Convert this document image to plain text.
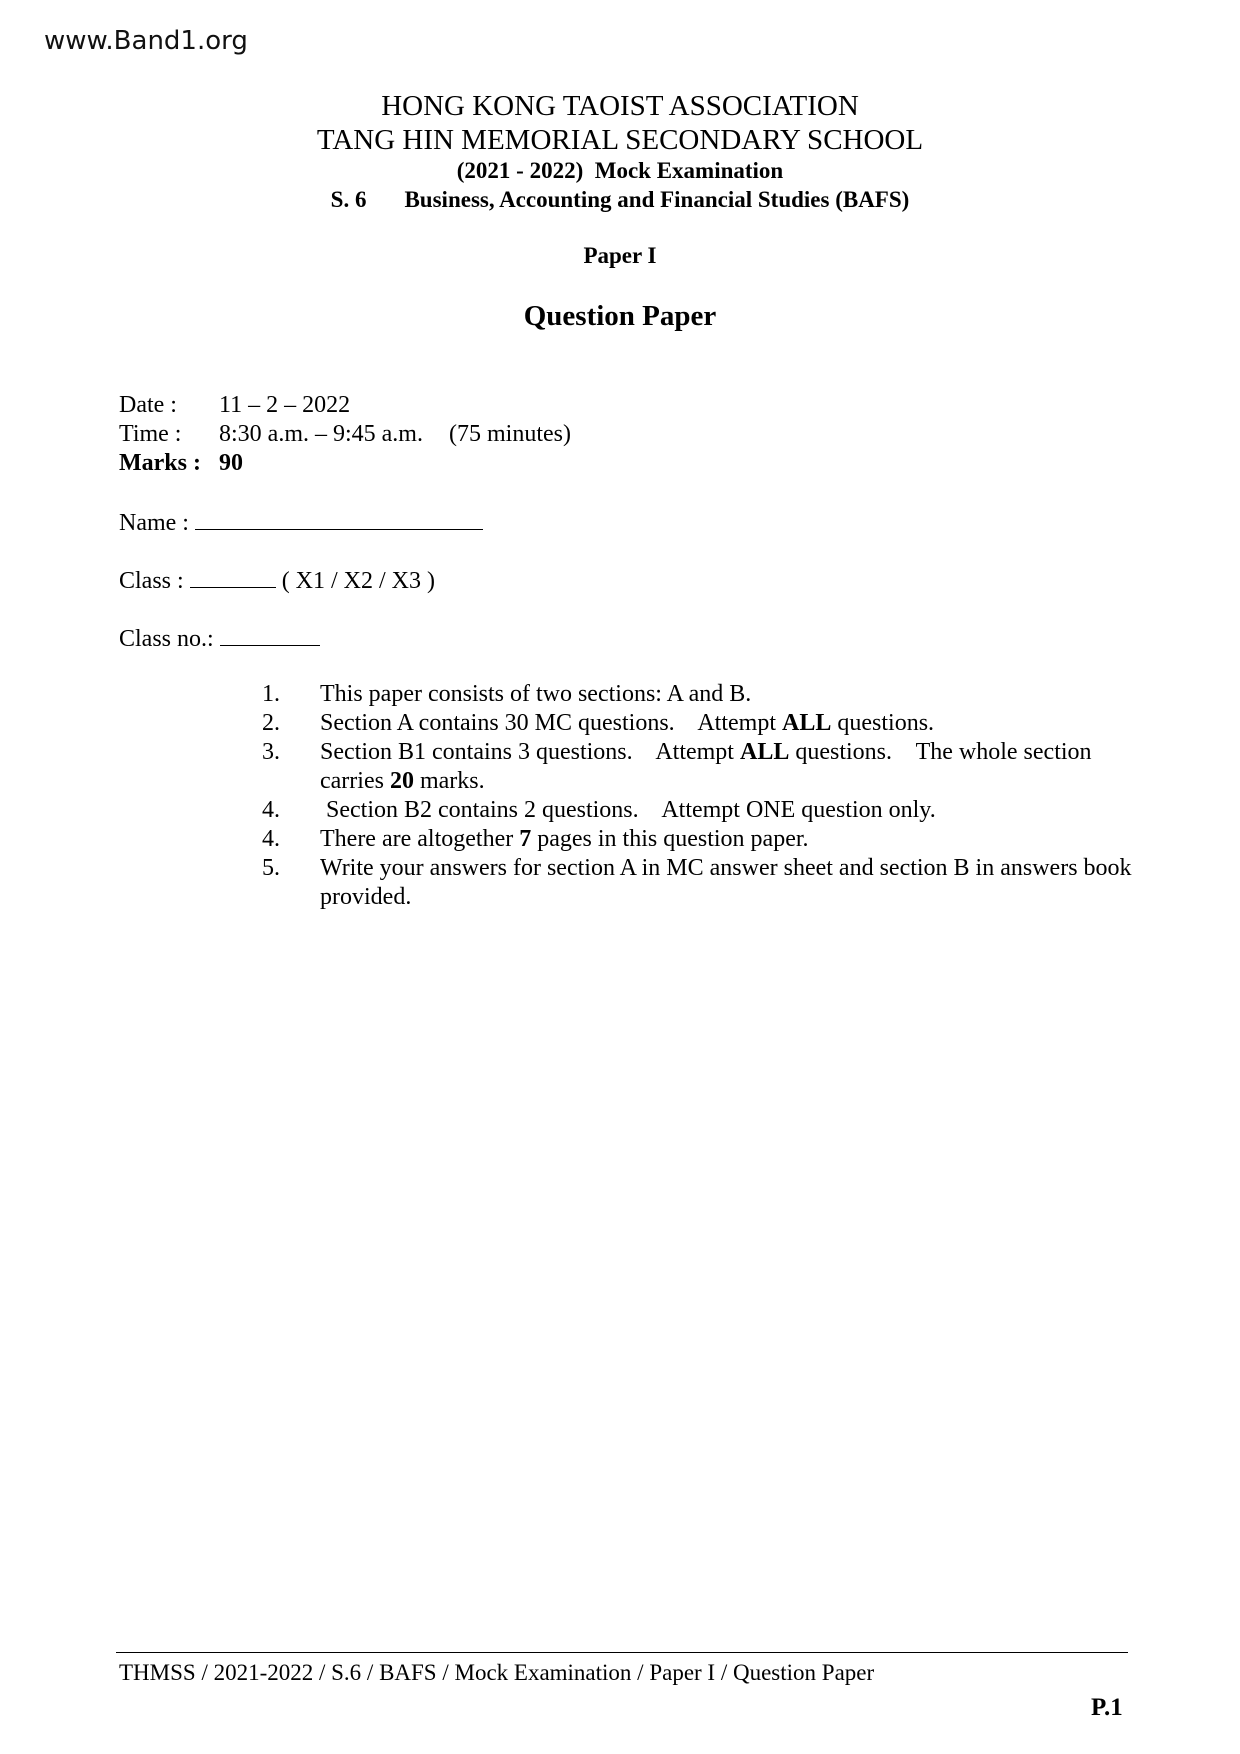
www.Band1.org
HONG KONG TAOIST ASSOCIATION
TANG HIN MEMORIAL SECONDARY SCHOOL
(2021 - 2022)  Mock Examination
S. 6 Business, Accounting and Financial Studies (BAFS)
Paper I
Question Paper
Date : 11 – 2 – 2022
Time : 8:30 a.m. – 9:45 a.m. (75 minutes)
Marks : 90
Name :
Class :	( X1 / X2 / X3 )
Class no.:
1.	This paper consists of two sections: A and B.
2.	Section A contains 30 MC questions.    Attempt ALL questions.
3.	Section B1 contains 3 questions.    Attempt ALL questions.    The whole section carries 20 marks.
4.	Section B2 contains 2 questions.    Attempt ONE question only.
4.	There are altogether 7 pages in this question paper.
5.	Write your answers for section A in MC answer sheet and section B in answers book provided.
THMSS / 2021-2022 / S.6 / BAFS / Mock Examination / Paper I / Question Paper
P.1
